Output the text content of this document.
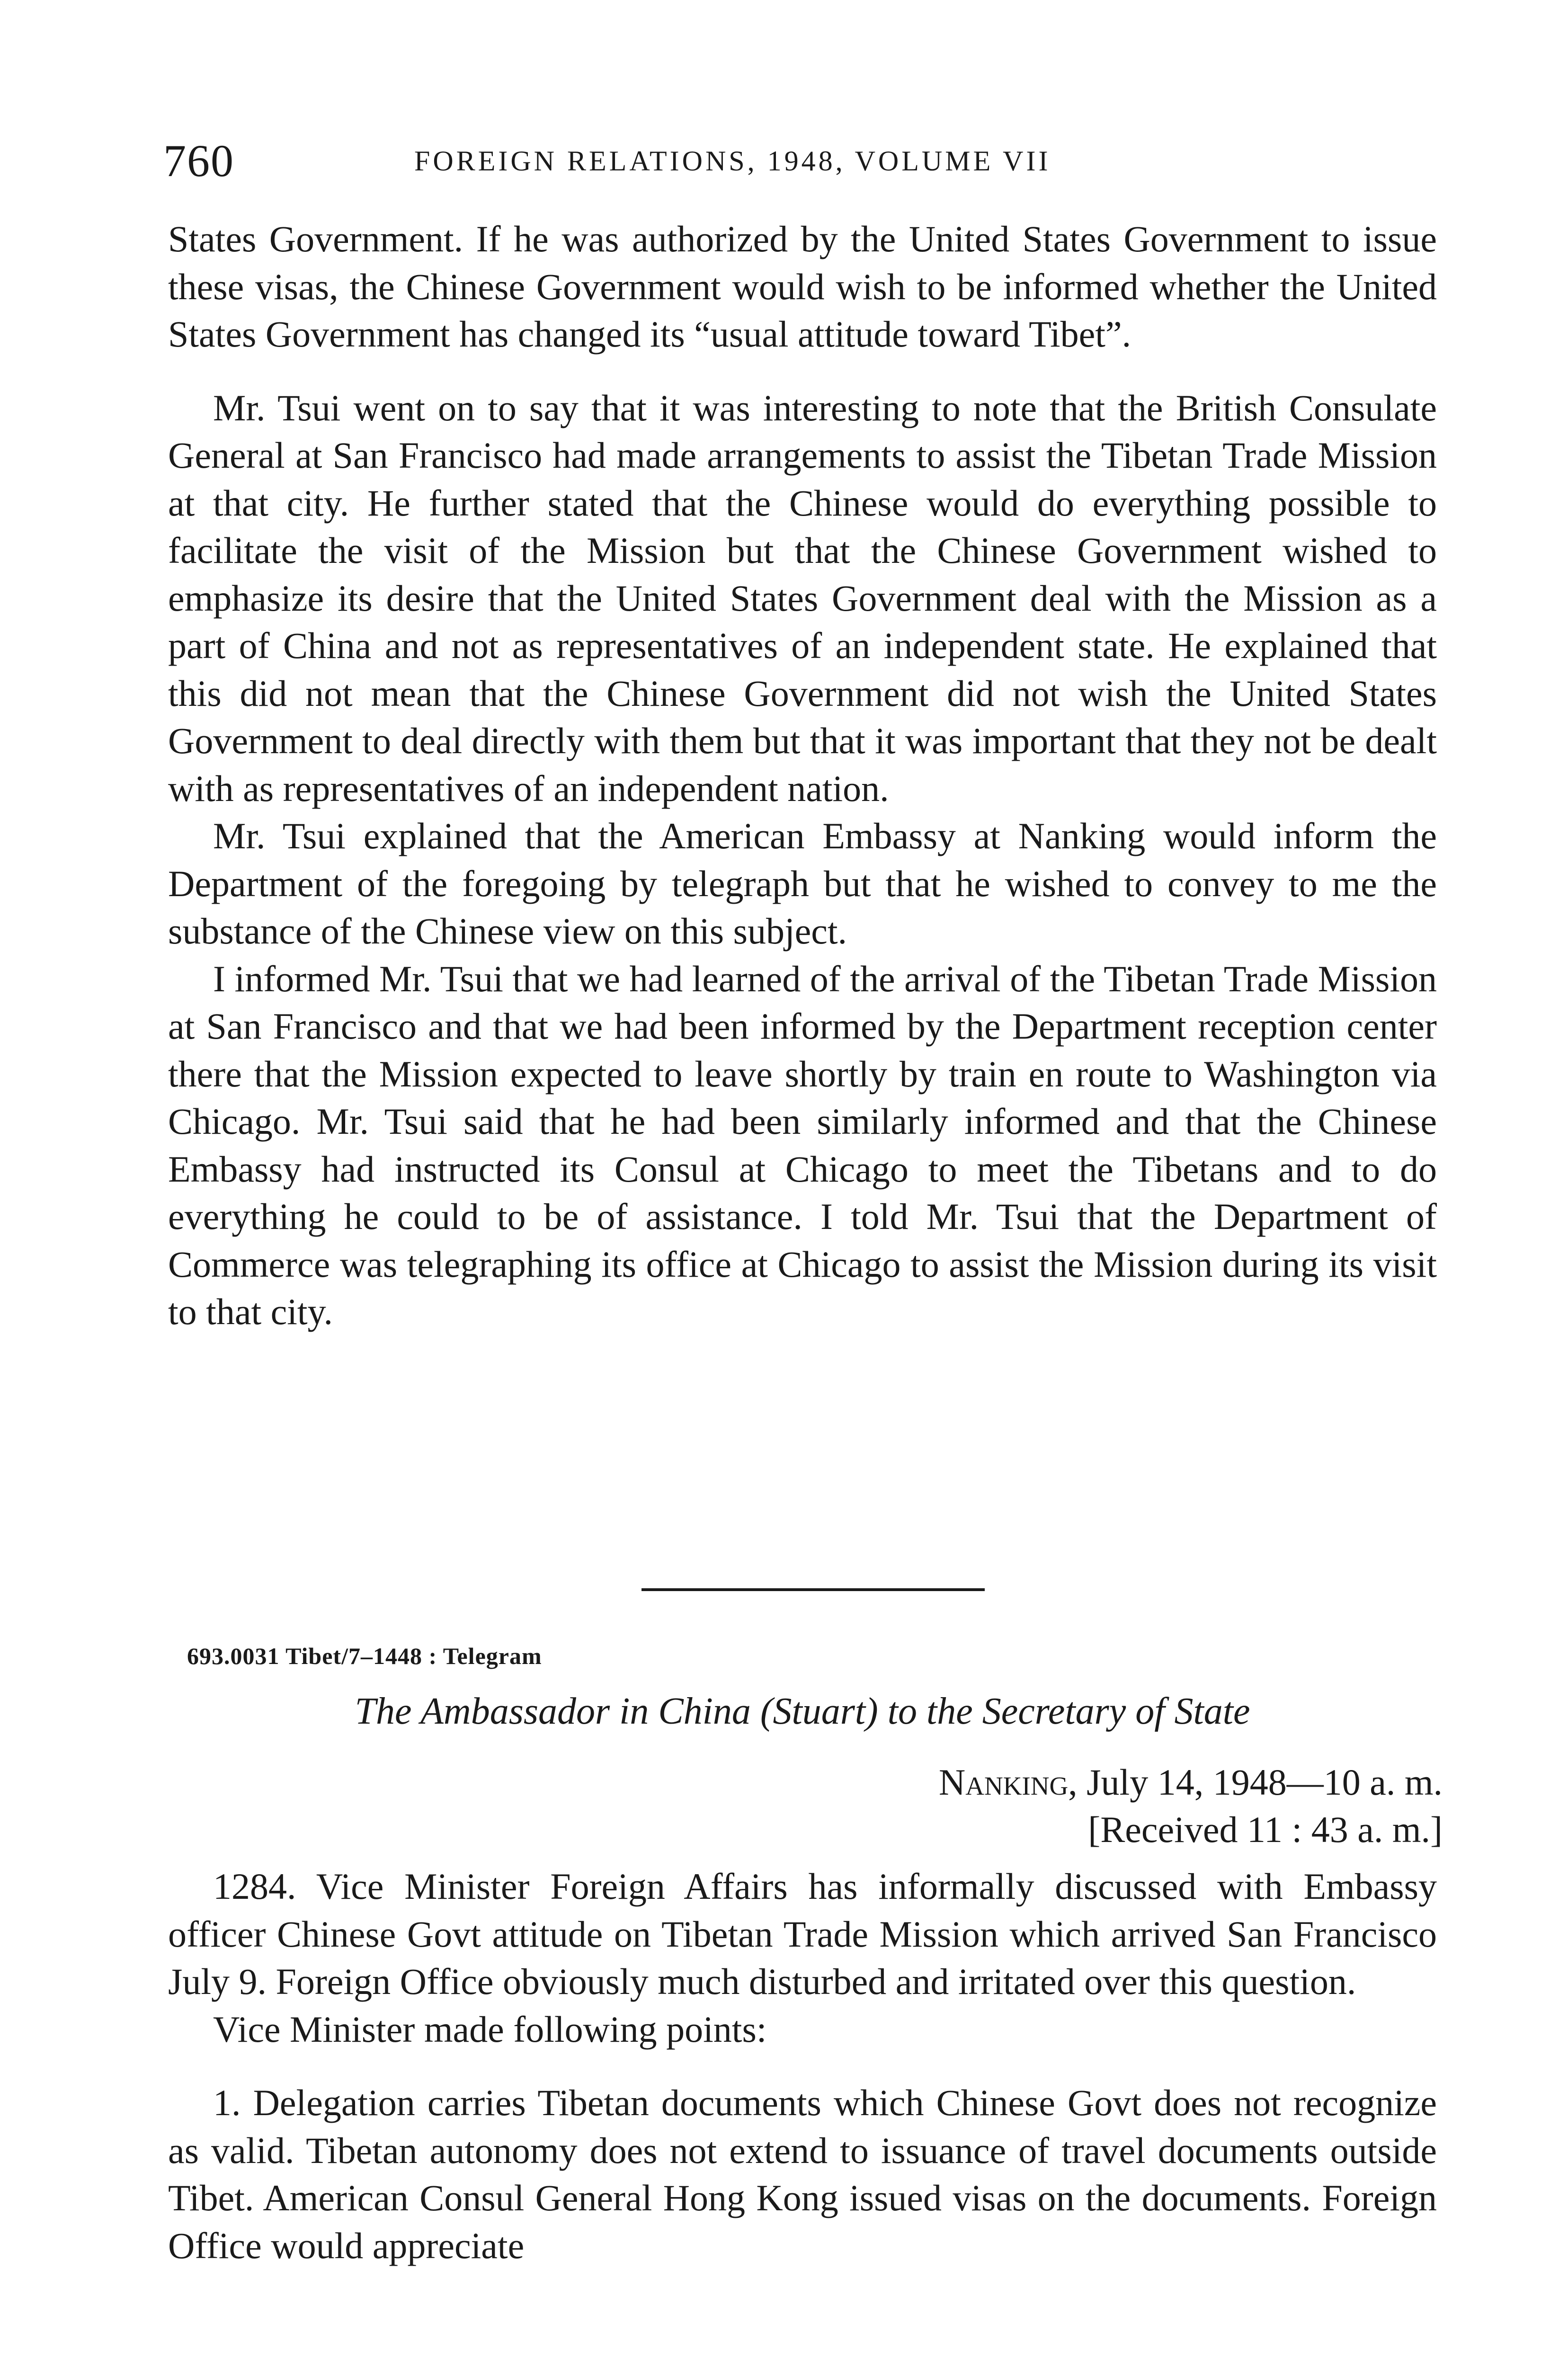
760	FOREIGN RELATIONS, 1948, VOLUME VII

States Government. If he was authorized by the United States Government to issue these visas, the Chinese Government would wish to be informed whether the United States Government has changed its “usual attitude toward Tibet”.

Mr. Tsui went on to say that it was interesting to note that the British Consulate General at San Francisco had made arrangements to assist the Tibetan Trade Mission at that city. He further stated that the Chinese would do everything possible to facilitate the visit of the Mission but that the Chinese Government wished to emphasize its desire that the United States Government deal with the Mission as a part of China and not as representatives of an independent state. He explained that this did not mean that the Chinese Government did not wish the United States Government to deal directly with them but that it was important that they not be dealt with as representatives of an independent nation.

Mr. Tsui explained that the American Embassy at Nanking would inform the Department of the foregoing by telegraph but that he wished to convey to me the substance of the Chinese view on this subject.

I informed Mr. Tsui that we had learned of the arrival of the Tibetan Trade Mission at San Francisco and that we had been informed by the Department reception center there that the Mission expected to leave shortly by train en route to Washington via Chicago. Mr. Tsui said that he had been similarly informed and that the Chinese Embassy had instructed its Consul at Chicago to meet the Tibetans and to do everything he could to be of assistance. I told Mr. Tsui that the Department of Commerce was telegraphing its office at Chicago to assist the Mission during its visit to that city.

693.0031 Tibet/7–1448 : Telegram
The Ambassador in China (Stuart) to the Secretary of State
Nanking, July 14, 1948—10 a. m.
[Received 11 : 43 a. m.]

1284. Vice Minister Foreign Affairs has informally discussed with Embassy officer Chinese Govt attitude on Tibetan Trade Mission which arrived San Francisco July 9. Foreign Office obviously much disturbed and irritated over this question.

Vice Minister made following points:

1. Delegation carries Tibetan documents which Chinese Govt does not recognize as valid. Tibetan autonomy does not extend to issuance of travel documents outside Tibet. American Consul General Hong Kong issued visas on the documents. Foreign Office would appreciate
